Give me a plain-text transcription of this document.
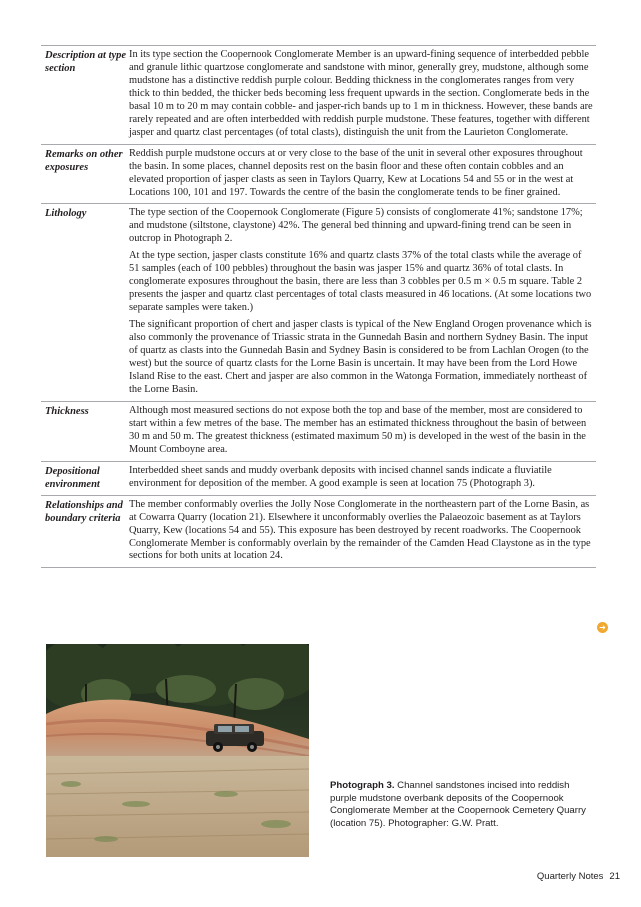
Description at type section

In its type section the Coopernook Conglomerate Member is an upward-fining sequence of interbedded pebble and granule lithic quartzose conglomerate and sandstone with minor, generally grey, mudstone, although some mudstone has a distinctive reddish purple colour. Bedding thickness in the conglomerates ranges from very thick to thin bedded, the thicker beds becoming less frequent upwards in the section. Conglomerate beds in the basal 10 m to 20 m may contain cobble- and jasper-rich bands up to 1 m in thickness. However, these bands are rarely repeated and are often interbedded with reddish purple mudstone. These features, together with different jasper and quartz clast percentages (of total clasts), distinguish the unit from the Laurieton Conglomerate.

Remarks on other exposures

Reddish purple mudstone occurs at or very close to the base of the unit in several other exposures throughout the basin. In some places, channel deposits rest on the basin floor and these often contain cobbles and an elevated proportion of jasper clasts as seen in Taylors Quarry, Kew at Locations 54 and 55 or in the west at Locations 100, 101 and 197. Towards the centre of the basin the conglomerate tends to be finer grained.

Lithology	The type section of the Coopernook Conglomerate (Figure 5) consists of conglomerate 41%; sandstone 17%; and mudstone (siltstone, claystone) 42%. The general bed thinning and upward-fining trend can be seen in outcrop in Photograph 2.

At the type section, jasper clasts constitute 16% and quartz clasts 37% of the total clasts while the average of 51 samples (each of 100 pebbles) throughout the basin was jasper 15% and quartz 36% of total clasts. In conglomerate exposures throughout the basin, there are less than 3 cobbles per 0.5 m × 0.5 m square. Table 2 presents the jasper and quartz clast percentages of total clasts measured in 46 locations. (At some locations two separate samples were taken.)

The significant proportion of chert and jasper clasts is typical of the New England Orogen provenance which is also commonly the provenance of Triassic strata in the Gunnedah Basin and northern Sydney Basin. The input of quartz as clasts into the Gunnedah Basin and Sydney Basin is considered to be from Lachlan Orogen (to the west) but the source of quartz clasts for the Lorne Basin is uncertain. It may have been from the Lord Howe Island Rise to the east. Chert and jasper are also common in the Watonga Formation, immediately northeast of the Lorne Basin.

Thickness	Although most measured sections do not expose both the top and base of the member, most are considered to start within a few metres of the base. The member has an estimated thickness throughout the basin of between 30 m and 50 m. The greatest thickness (estimated maximum 50 m) is developed in the west of the basin in the Mount Comboyne area.

Depositional environment

Interbedded sheet sands and muddy overbank deposits with incised channel sands indicate a fluviatile environment for deposition of the member. A good example is seen at location 75 (Photograph 3).

Relationships and boundary criteria

The member conformably overlies the Jolly Nose Conglomerate in the northeastern part of the Lorne Basin, as at Cowarra Quarry (location 21). Elsewhere it unconformably overlies the Palaeozoic basement as at Taylors Quarry, Kew (locations 54 and 55). This exposure has been destroyed by recent roadworks. The Coopernook Conglomerate Member is conformably overlain by the remainder of the Camden Head Claystone as in the type sections for both units at location 24.

➜
Photograph 3. Channel sandstones incised into reddish purple mudstone overbank deposits of the Coopernook Conglomerate Member at the Coopernook Cemetery Quarry (location 75). Photographer: G.W. Pratt.
Quarterly Notes 21
